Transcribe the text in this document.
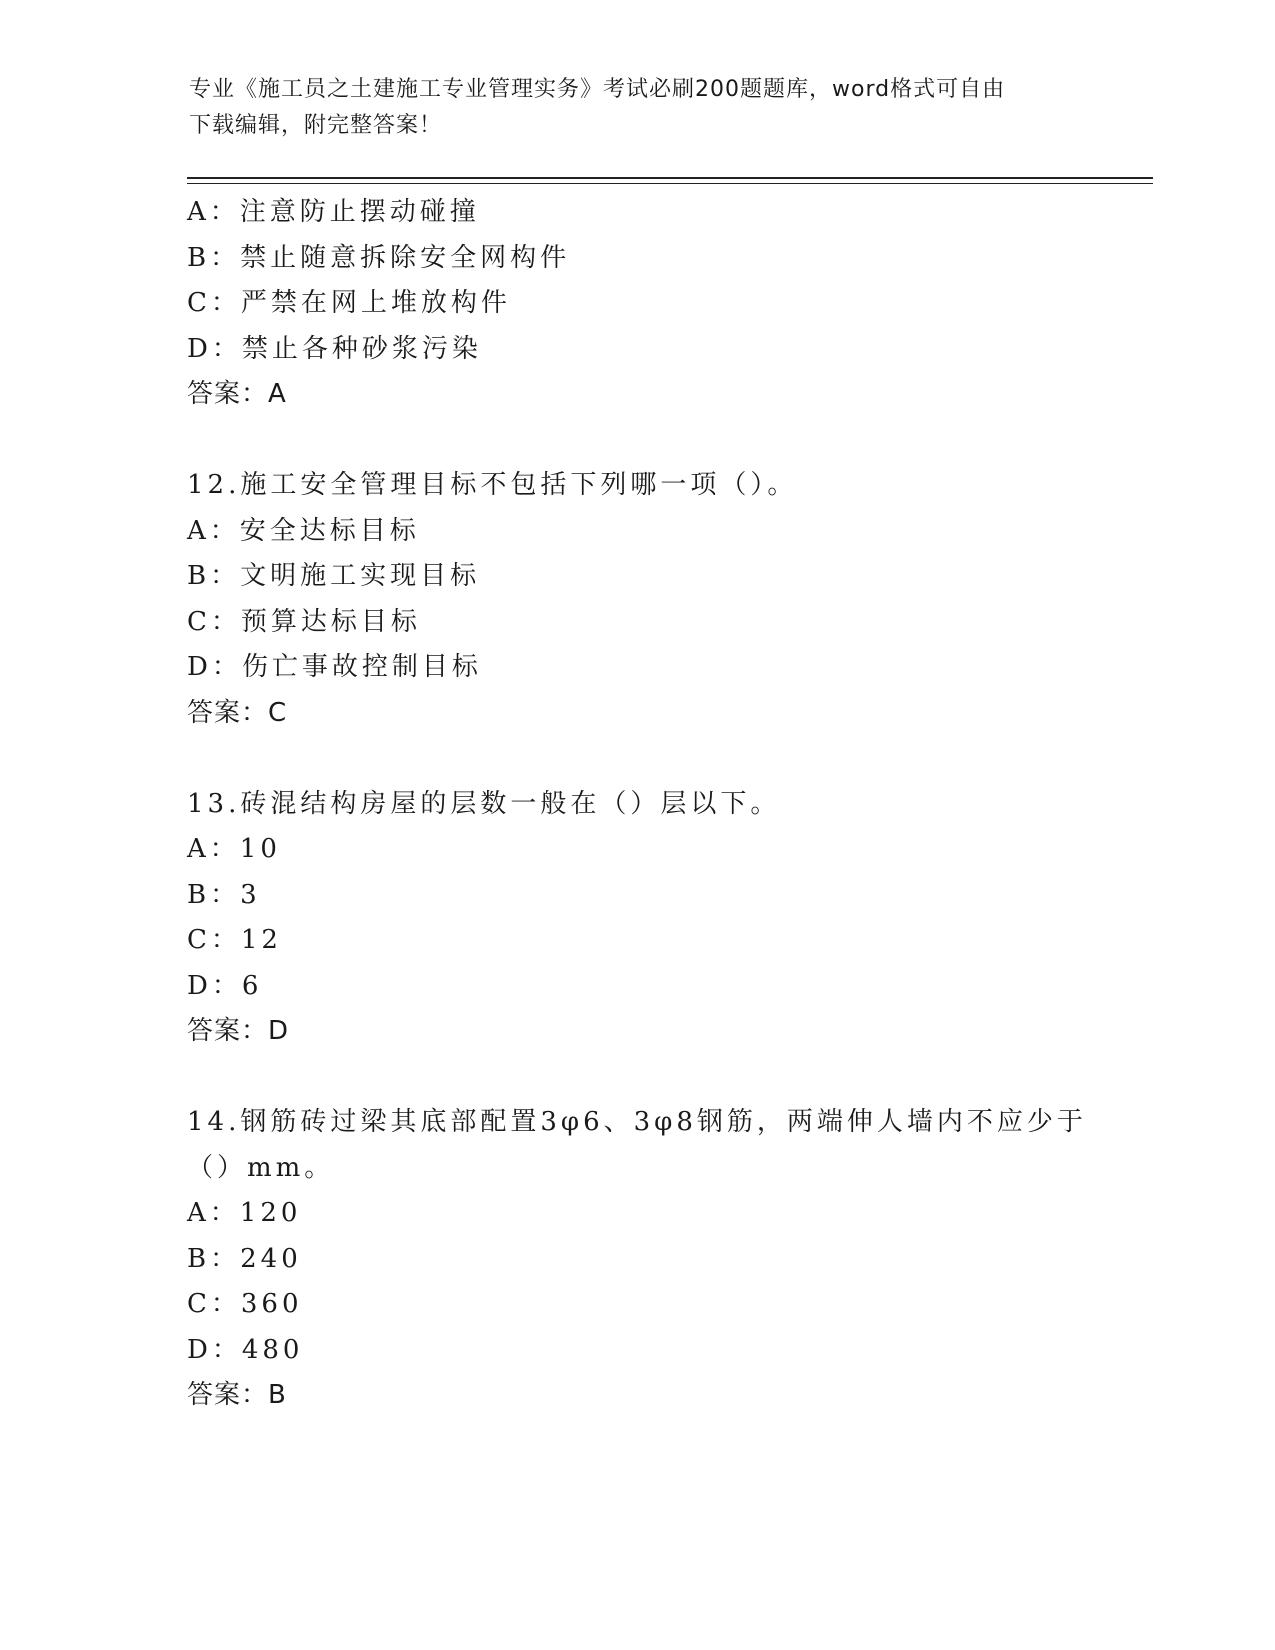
专业《施工员之土建施工专业管理实务》考试必刷200题题库，word格式可自由
下载编辑，附完整答案！
A：注意防止摆动碰撞
B：禁止随意拆除安全网构件
C：严禁在网上堆放构件
D：禁止各种砂浆污染
答案：A
12.施工安全管理目标不包括下列哪一项（）。
A：安全达标目标
B：文明施工实现目标
C：预算达标目标
D：伤亡事故控制目标
答案：C
13.砖混结构房屋的层数一般在（）层以下。
A：10
B：3
C：12
D：6
答案：D
14.钢筋砖过梁其底部配置3φ6、3φ8钢筋，两端伸人墙内不应少于
（）mm。
A：120
B：240
C：360
D：480
答案：B
